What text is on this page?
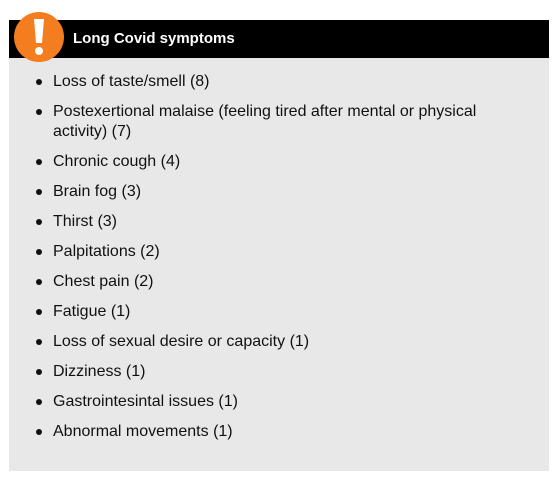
Long Covid symptoms
Loss of taste/smell (8)
Postexertional malaise (feeling tired after mental or physical activity) (7)
Chronic cough (4)
Brain fog (3)
Thirst (3)
Palpitations (2)
Chest pain (2)
Fatigue (1)
Loss of sexual desire or capacity (1)
Dizziness (1)
Gastrointesintal issues (1)
Abnormal movements (1)
